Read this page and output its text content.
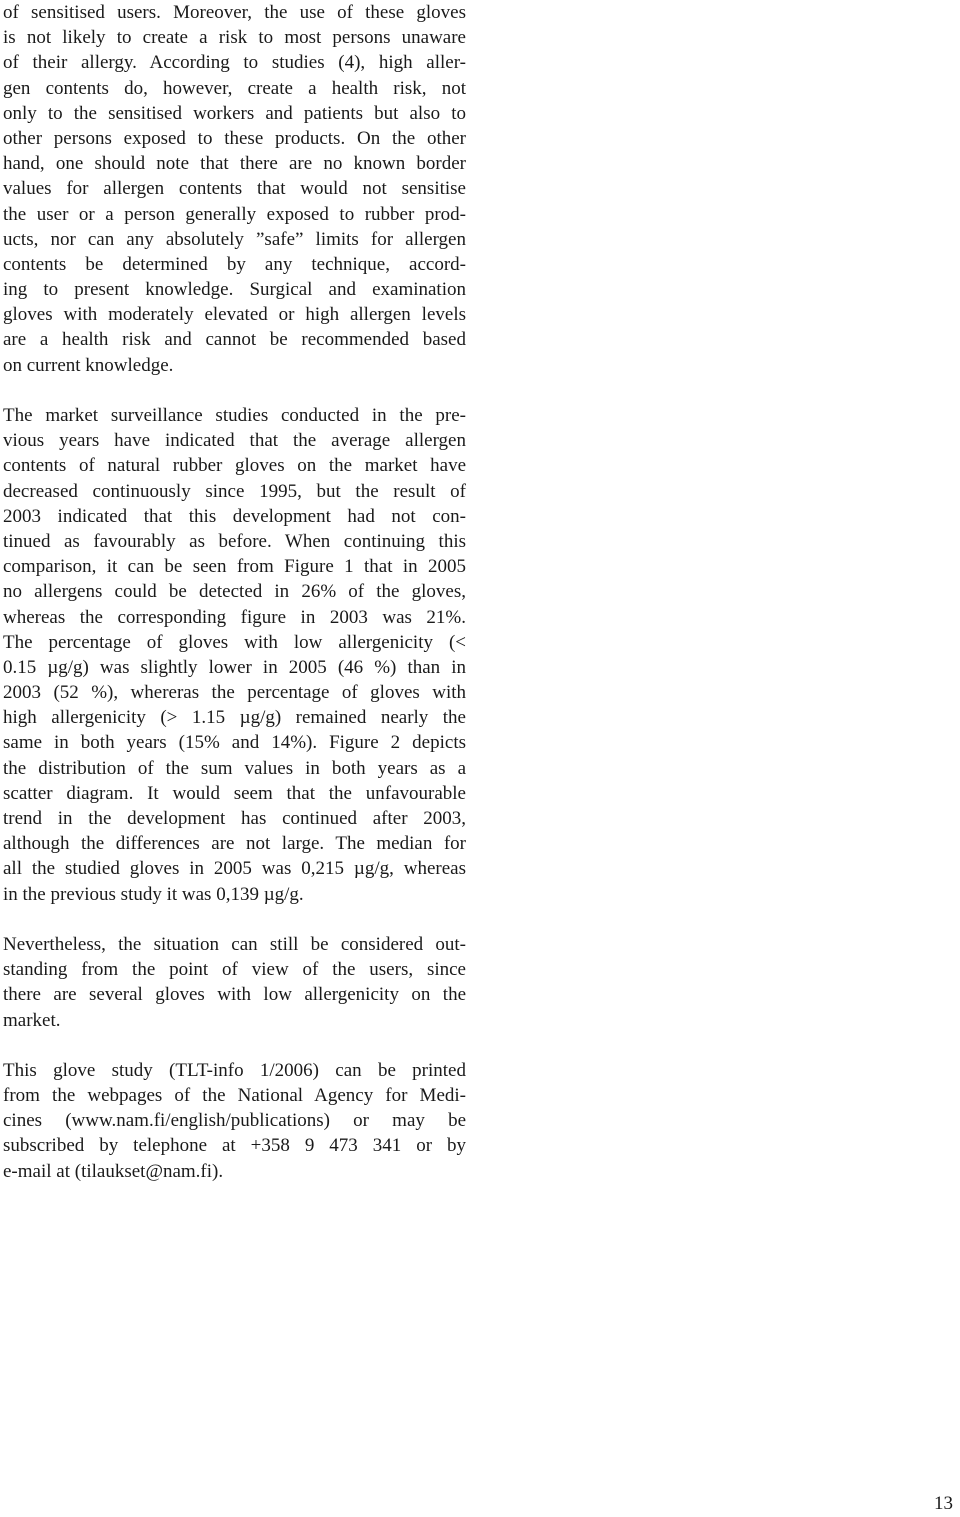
of sensitised users. Moreover, the use of these gloves
is not likely to create a risk to most persons unaware
of their allergy. According to studies (4), high aller-
gen contents do, however, create a health risk, not
only to the sensitised workers and patients but also to
other persons exposed to these products. On the other
hand, one should note that there are no known border
values for allergen contents that would not sensitise
the user or a person generally exposed to rubber prod-
ucts, nor can any absolutely ”safe” limits for allergen
contents be determined by any technique, accord-
ing to present knowledge. Surgical and examination
gloves with moderately elevated or high allergen levels
are a health risk and cannot be recommended based
on current knowledge.
The market surveillance studies conducted in the pre-
vious years have indicated that the average allergen
contents of natural rubber gloves on the market have
decreased continuously since 1995, but the result of
2003 indicated that this development had not con-
tinued as favourably as before. When continuing this
comparison, it can be seen from Figure 1 that in 2005
no allergens could be detected in 26% of the gloves,
whereas the corresponding figure in 2003 was 21%.
The percentage of gloves with low allergenicity (<
0.15 µg/g) was slightly lower in 2005 (46 %) than in
2003 (52 %), whereras the percentage of gloves with
high allergenicity (> 1.15 µg/g) remained nearly the
same in both years (15% and 14%). Figure 2 depicts
the distribution of the sum values in both years as a
scatter diagram. It would seem that the unfavourable
trend in the development has continued after 2003,
although the differences are not large. The median for
all the studied gloves in 2005 was 0,215 µg/g, whereas
in the previous study it was 0,139 µg/g.
Nevertheless, the situation can still be considered out-
standing from the point of view of the users, since
there are several gloves with low allergenicity on the
market.
This glove study (TLT-info 1/2006) can be printed
from the webpages of the National Agency for Medi-
cines (www.nam.fi/english/publications) or may be
subscribed by telephone at +358 9 473 341 or by
e-mail at (tilaukset@nam.fi).
13
